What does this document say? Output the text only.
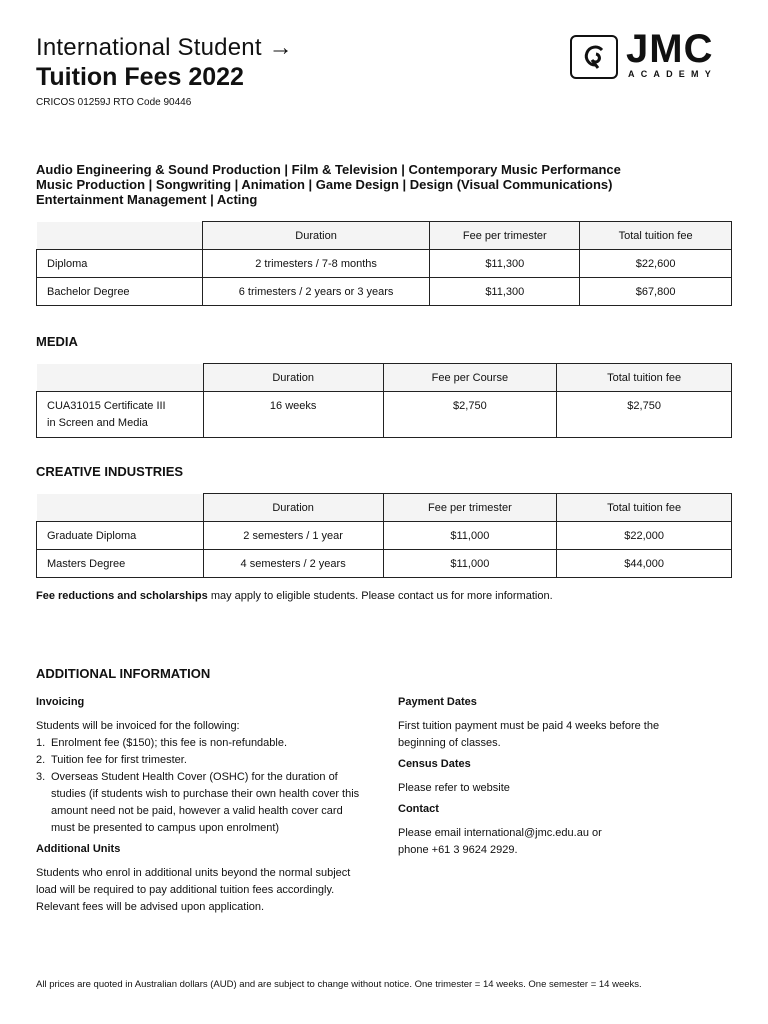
International Student →
Tuition Fees 2022
CRICOS 01259J RTO Code 90446
JMC
ACADEMY
Audio Engineering & Sound Production | Film & Television | Contemporary Music Performance
Music Production | Songwriting | Animation | Game Design | Design (Visual Communications)
Entertainment Management | Acting
	Duration	Fee per trimester	Total tuition fee
Diploma	2 trimesters / 7-8 months	$11,300	$22,600
Bachelor Degree	6 trimesters / 2 years or 3 years	$11,300	$67,800
MEDIA
	Duration	Fee per Course	Total tuition fee

CUA31015 Certificate III
in Screen and Media	16 weeks	$2,750	$2,750
CREATIVE INDUSTRIES
	Duration	Fee per trimester	Total tuition fee
Graduate Diploma	2 semesters / 1 year	$11,000	$22,000
Masters Degree	4 semesters / 2 years	$11,000	$44,000
Fee reductions and scholarships may apply to eligible students. Please contact us for more information.
ADDITIONAL INFORMATION
Invoicing

Students will be invoiced for the following:

1. Enrolment fee ($150); this fee is non-refundable.
2. Tuition fee for first trimester.
3. Overseas Student Health Cover (OSHC) for the duration of studies (if students wish to purchase their own health cover this amount need not be paid, however a valid health cover card must be presented to campus upon enrolment)
Additional Units

Students who enrol in additional units beyond the normal subject load will be required to pay additional tuition fees accordingly. Relevant fees will be advised upon application.

Payment Dates

First tuition payment must be paid 4 weeks before the beginning of classes.

Census Dates

Please refer to website

Contact

Please email international@jmc.edu.au or

phone +61 3 9624 2929.

All prices are quoted in Australian dollars (AUD) and are subject to change without notice. One trimester = 14 weeks. One semester = 14 weeks.
